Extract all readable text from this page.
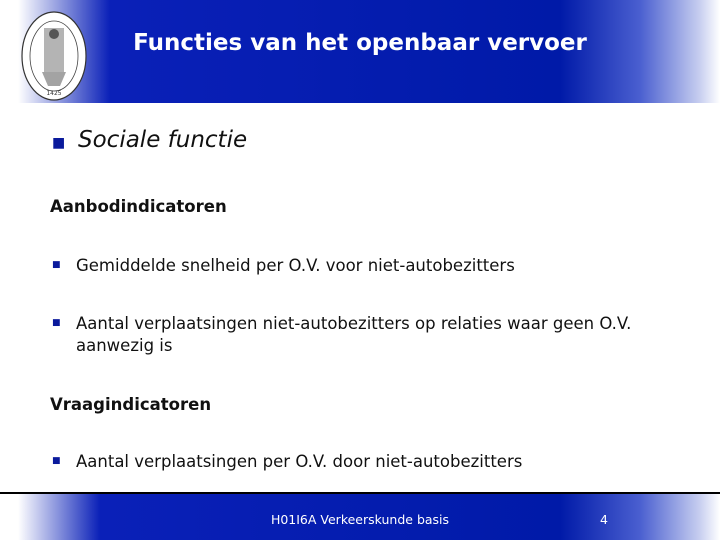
1425
Functies van het openbaar vervoer
■ Sociale functie
Aanbodindicatoren
■ Gemiddelde snelheid per O.V. voor niet-autobezitters
■ Aantal verplaatsingen niet-autobezitters op relaties waar geen O.V. aanwezig is
Vraagindicatoren
■ Aantal verplaatsingen per O.V. door niet-autobezitters
H01I6A Verkeerskunde basis	4
